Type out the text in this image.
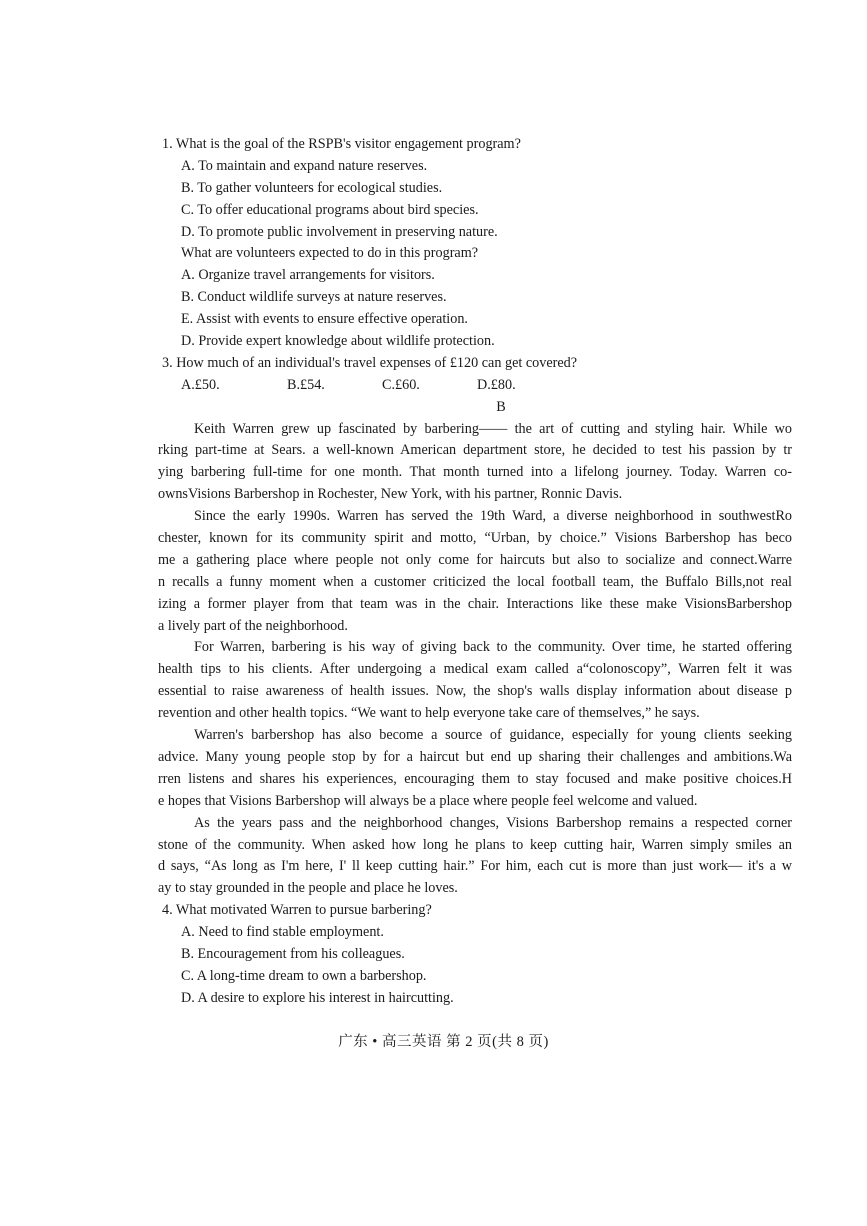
1. What is the goal of the RSPB's visitor engagement program?
A. To maintain and expand nature reserves.
B. To gather volunteers for ecological studies.
C. To offer educational programs about bird species.
D. To promote public involvement in preserving nature.
What are volunteers expected to do in this program?
A. Organize travel arrangements for visitors.
B. Conduct wildlife surveys at nature reserves.
E. Assist with events to ensure effective operation.
D. Provide expert knowledge about wildlife protection.
3. How much of an individual's travel expenses of £120 can get covered?
A.£50.	B.£54.	C.£60.	D.£80.
B
Keith Warren grew up fascinated by barbering—— the art of cutting and styling hair. While wo
rking part-time at Sears. a well-known American department store, he decided to test his passion by tr
ying barbering full-time for one month. That month turned into a lifelong journey. Today. Warren co-
ownsVisions Barbershop in Rochester, New York, with his partner, Ronnic Davis.
Since the early 1990s. Warren has served the 19th Ward, a diverse neighborhood in southwestRo
chester, known for its community spirit and motto, “Urban, by choice.” Visions Barbershop has beco
me a gathering place where people not only come for haircuts but also to socialize and connect.Warre
n recalls a funny moment when a customer criticized the local football team, the Buffalo Bills,not real
izing a former player from that team was in the chair. Interactions like these make VisionsBarbershop
a lively part of the neighborhood.
For Warren, barbering is his way of giving back to the community. Over time, he started offering
health tips to his clients. After undergoing a medical exam called a“colonoscopy”, Warren felt it was
essential to raise awareness of health issues. Now, the shop's walls display information about disease p
revention and other health topics. “We want to help everyone take care of themselves,” he says.
Warren's barbershop has also become a source of guidance, especially for young clients seeking
advice. Many young people stop by for a haircut but end up sharing their challenges and ambitions.Wa
rren listens and shares his experiences, encouraging them to stay focused and make positive choices.H
e hopes that Visions Barbershop will always be a place where people feel welcome and valued.
As the years pass and the neighborhood changes, Visions Barbershop remains a respected corner
stone of the community. When asked how long he plans to keep cutting hair, Warren simply smiles an
d says, “As long as I'm here, I' ll keep cutting hair.” For him, each cut is more than just work— it's a w
ay to stay grounded in the people and place he loves.
4. What motivated Warren to pursue barbering?
A. Need to find stable employment.
B. Encouragement from his colleagues.
C. A long-time dream to own a barbershop.
D. A desire to explore his interest in haircutting.
广东 • 高三英语 第 2 页(共 8 页)
